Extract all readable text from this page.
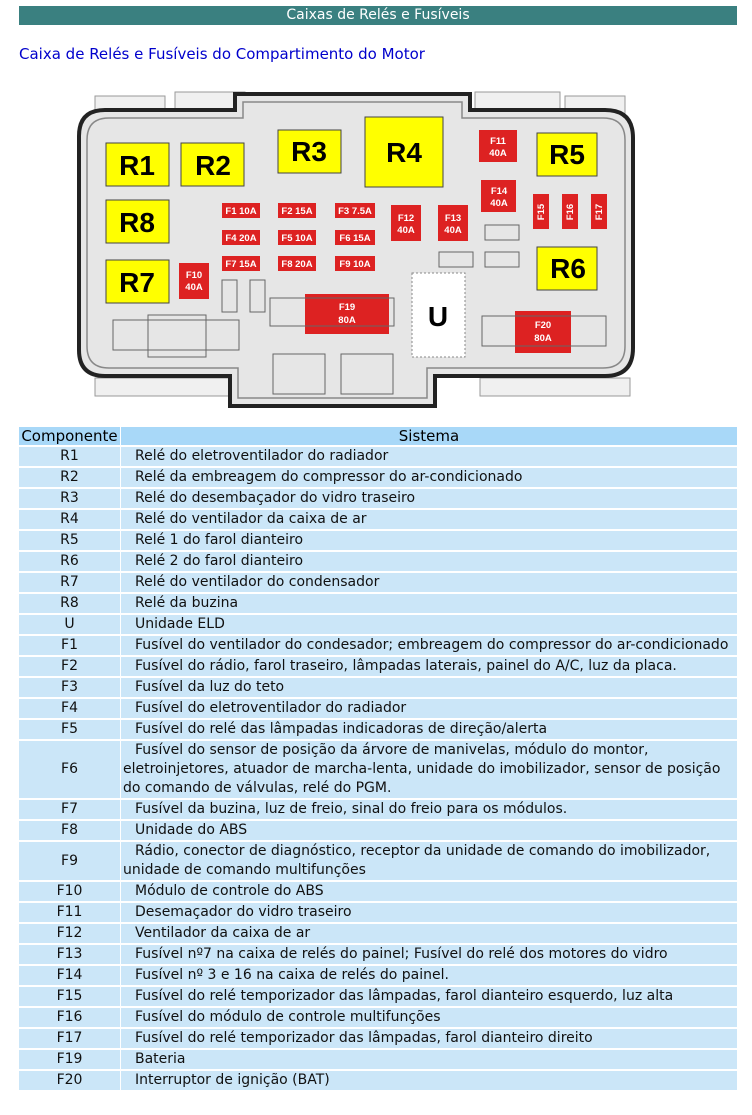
Caixas de Relés e Fusíveis
Caixa de Relés e Fusíveis do Compartimento do Motor
R1 R2 R3 R4	R5
R6
R7
R8	F1 10A	F2 15A	F3 7.5A
F4 20A	F5 10A	F6 15A
F7 15A	F8 20A	F9 10A
F10
40A
F11
40A
F12
40A
F13
40A
F14
40A
F15 F16 F17
F19
80A	F20
80A
U
Componente	Sistema
R1	Relé do eletroventilador do radiador
R2	Relé da embreagem do compressor do ar-condicionado
R3	Relé do desembaçador do vidro traseiro
R4	Relé do ventilador da caixa de ar
R5	Relé 1 do farol dianteiro
R6	Relé 2 do farol dianteiro
R7	Relé do ventilador do condensador
R8	Relé da buzina
U	Unidade ELD
F1	Fusível do ventilador do condesador; embreagem do compressor do ar-condicionado
F2	Fusível do rádio, farol traseiro, lâmpadas laterais, painel do A/C, luz da placa.
F3	Fusível da luz do teto
F4	Fusível do eletroventilador do radiador
F5	Fusível do relé das lâmpadas indicadoras de direção/alerta
F6	Fusível do sensor de posição da árvore de manivelas, módulo do montor, eletroinjetores, atuador de marcha-lenta, unidade do imobilizador, sensor de posição do comando de válvulas, relé do PGM.
F7	Fusível da buzina, luz de freio, sinal do freio para os módulos.
F8	Unidade do ABS
F9	Rádio, conector de diagnóstico, receptor da unidade de comando do imobilizador, unidade de comando multifunções
F10	Módulo de controle do ABS
F11	Desemaçador do vidro traseiro
F12	Ventilador da caixa de ar
F13	Fusível nº7 na caixa de relés do painel; Fusível do relé dos motores do vidro
F14	Fusível nº 3 e 16 na caixa de relés do painel.
F15	Fusível do relé temporizador das lâmpadas, farol dianteiro esquerdo, luz alta
F16	Fusível do módulo de controle multifunções
F17	Fusível do relé temporizador das lâmpadas, farol dianteiro direito
F19	Bateria
F20	Interruptor de ignição (BAT)
